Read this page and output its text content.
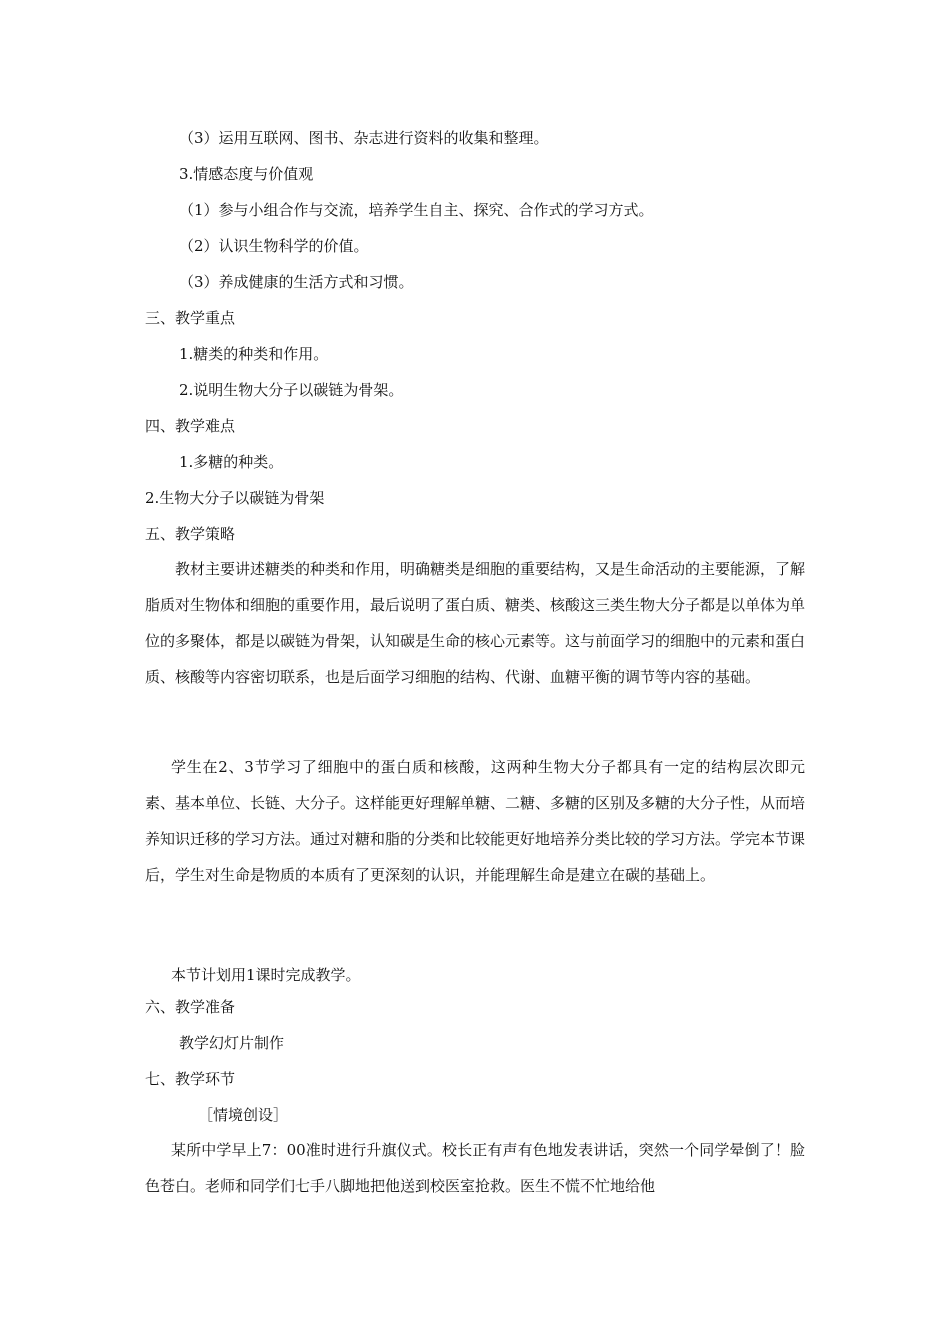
（3）运用互联网、图书、杂志进行资料的收集和整理。
3.情感态度与价值观
（1）参与小组合作与交流，培养学生自主、探究、合作式的学习方式。
（2）认识生物科学的价值。
（3）养成健康的生活方式和习惯。
三、教学重点
1.糖类的种类和作用。
2.说明生物大分子以碳链为骨架。
四、教学难点
1.多糖的种类。
2.生物大分子以碳链为骨架
五、教学策略
教材主要讲述糖类的种类和作用，明确糖类是细胞的重要结构，又是生命活动的主要能源，了解脂质对生物体和细胞的重要作用，最后说明了蛋白质、糖类、核酸这三类生物大分子都是以单体为单位的多聚体，都是以碳链为骨架，认知碳是生命的核心元素等。这与前面学习的细胞中的元素和蛋白质、核酸等内容密切联系，也是后面学习细胞的结构、代谢、血糖平衡的调节等内容的基础。
学生在2、3节学习了细胞中的蛋白质和核酸，这两种生物大分子都具有一定的结构层次即元素、基本单位、长链、大分子。这样能更好理解单糖、二糖、多糖的区别及多糖的大分子性，从而培养知识迁移的学习方法。通过对糖和脂的分类和比较能更好地培养分类比较的学习方法。学完本节课后，学生对生命是物质的本质有了更深刻的认识，并能理解生命是建立在碳的基础上。
本节计划用1课时完成教学。
六、教学准备
教学幻灯片制作
七、教学环节
［情境创设］
某所中学早上7：00准时进行升旗仪式。校长正有声有色地发表讲话，突然一个同学晕倒了！脸色苍白。老师和同学们七手八脚地把他送到校医室抢救。医生不慌不忙地给他
